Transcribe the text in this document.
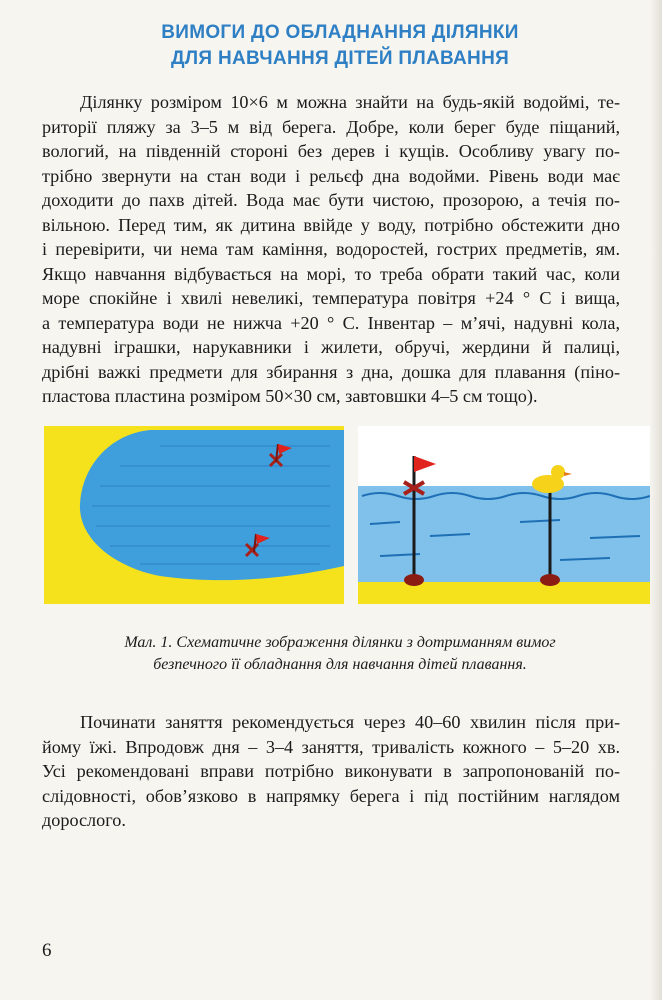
ВИМОГИ ДО ОБЛАДНАННЯ ДІЛЯНКИ
ДЛЯ НАВЧАННЯ ДІТЕЙ ПЛАВАННЯ
Ділянку розміром 10×6 м можна знайти на будь-якій водоймі, те-
риторії пляжу за 3–5 м від берега. Добре, коли берег буде піщаний,
вологий, на південній стороні без дерев і кущів. Особливу увагу по-
трібно звернути на стан води і рельєф дна водойми. Рівень води має
доходити до пахв дітей. Вода має бути чистою, прозорою, а течія по-
вільною. Перед тим, як дитина ввійде у воду, потрібно обстежити дно
і перевірити, чи нема там каміння, водоростей, гострих предметів, ям.
Якщо навчання відбувається на морі, то треба обрати такий час, коли
море спокійне і хвилі невеликі, температура повітря +24 ° С і вища,
а температура води не нижча +20 ° С. Інвентар – м’ячі, надувні кола,
надувні іграшки, нарукавники і жилети, обручі, жердини й палиці,
дрібні важкі предмети для збирання з дна, дошка для плавання (піно-
пластова пластина розміром 50×30 см, завтовшки 4–5 см тощо).
Мал. 1. Схематичне зображення ділянки з дотриманням вимог
безпечного її обладнання для навчання дітей плавання.
Починати заняття рекомендується через 40–60 хвилин після при-
йому їжі. Впродовж дня – 3–4 заняття, тривалість кожного – 5–20 хв.
Усі рекомендовані вправи потрібно виконувати в запропонованій по-
слідовності, обов’язково в напрямку берега і під постійним наглядом
дорослого.
6
